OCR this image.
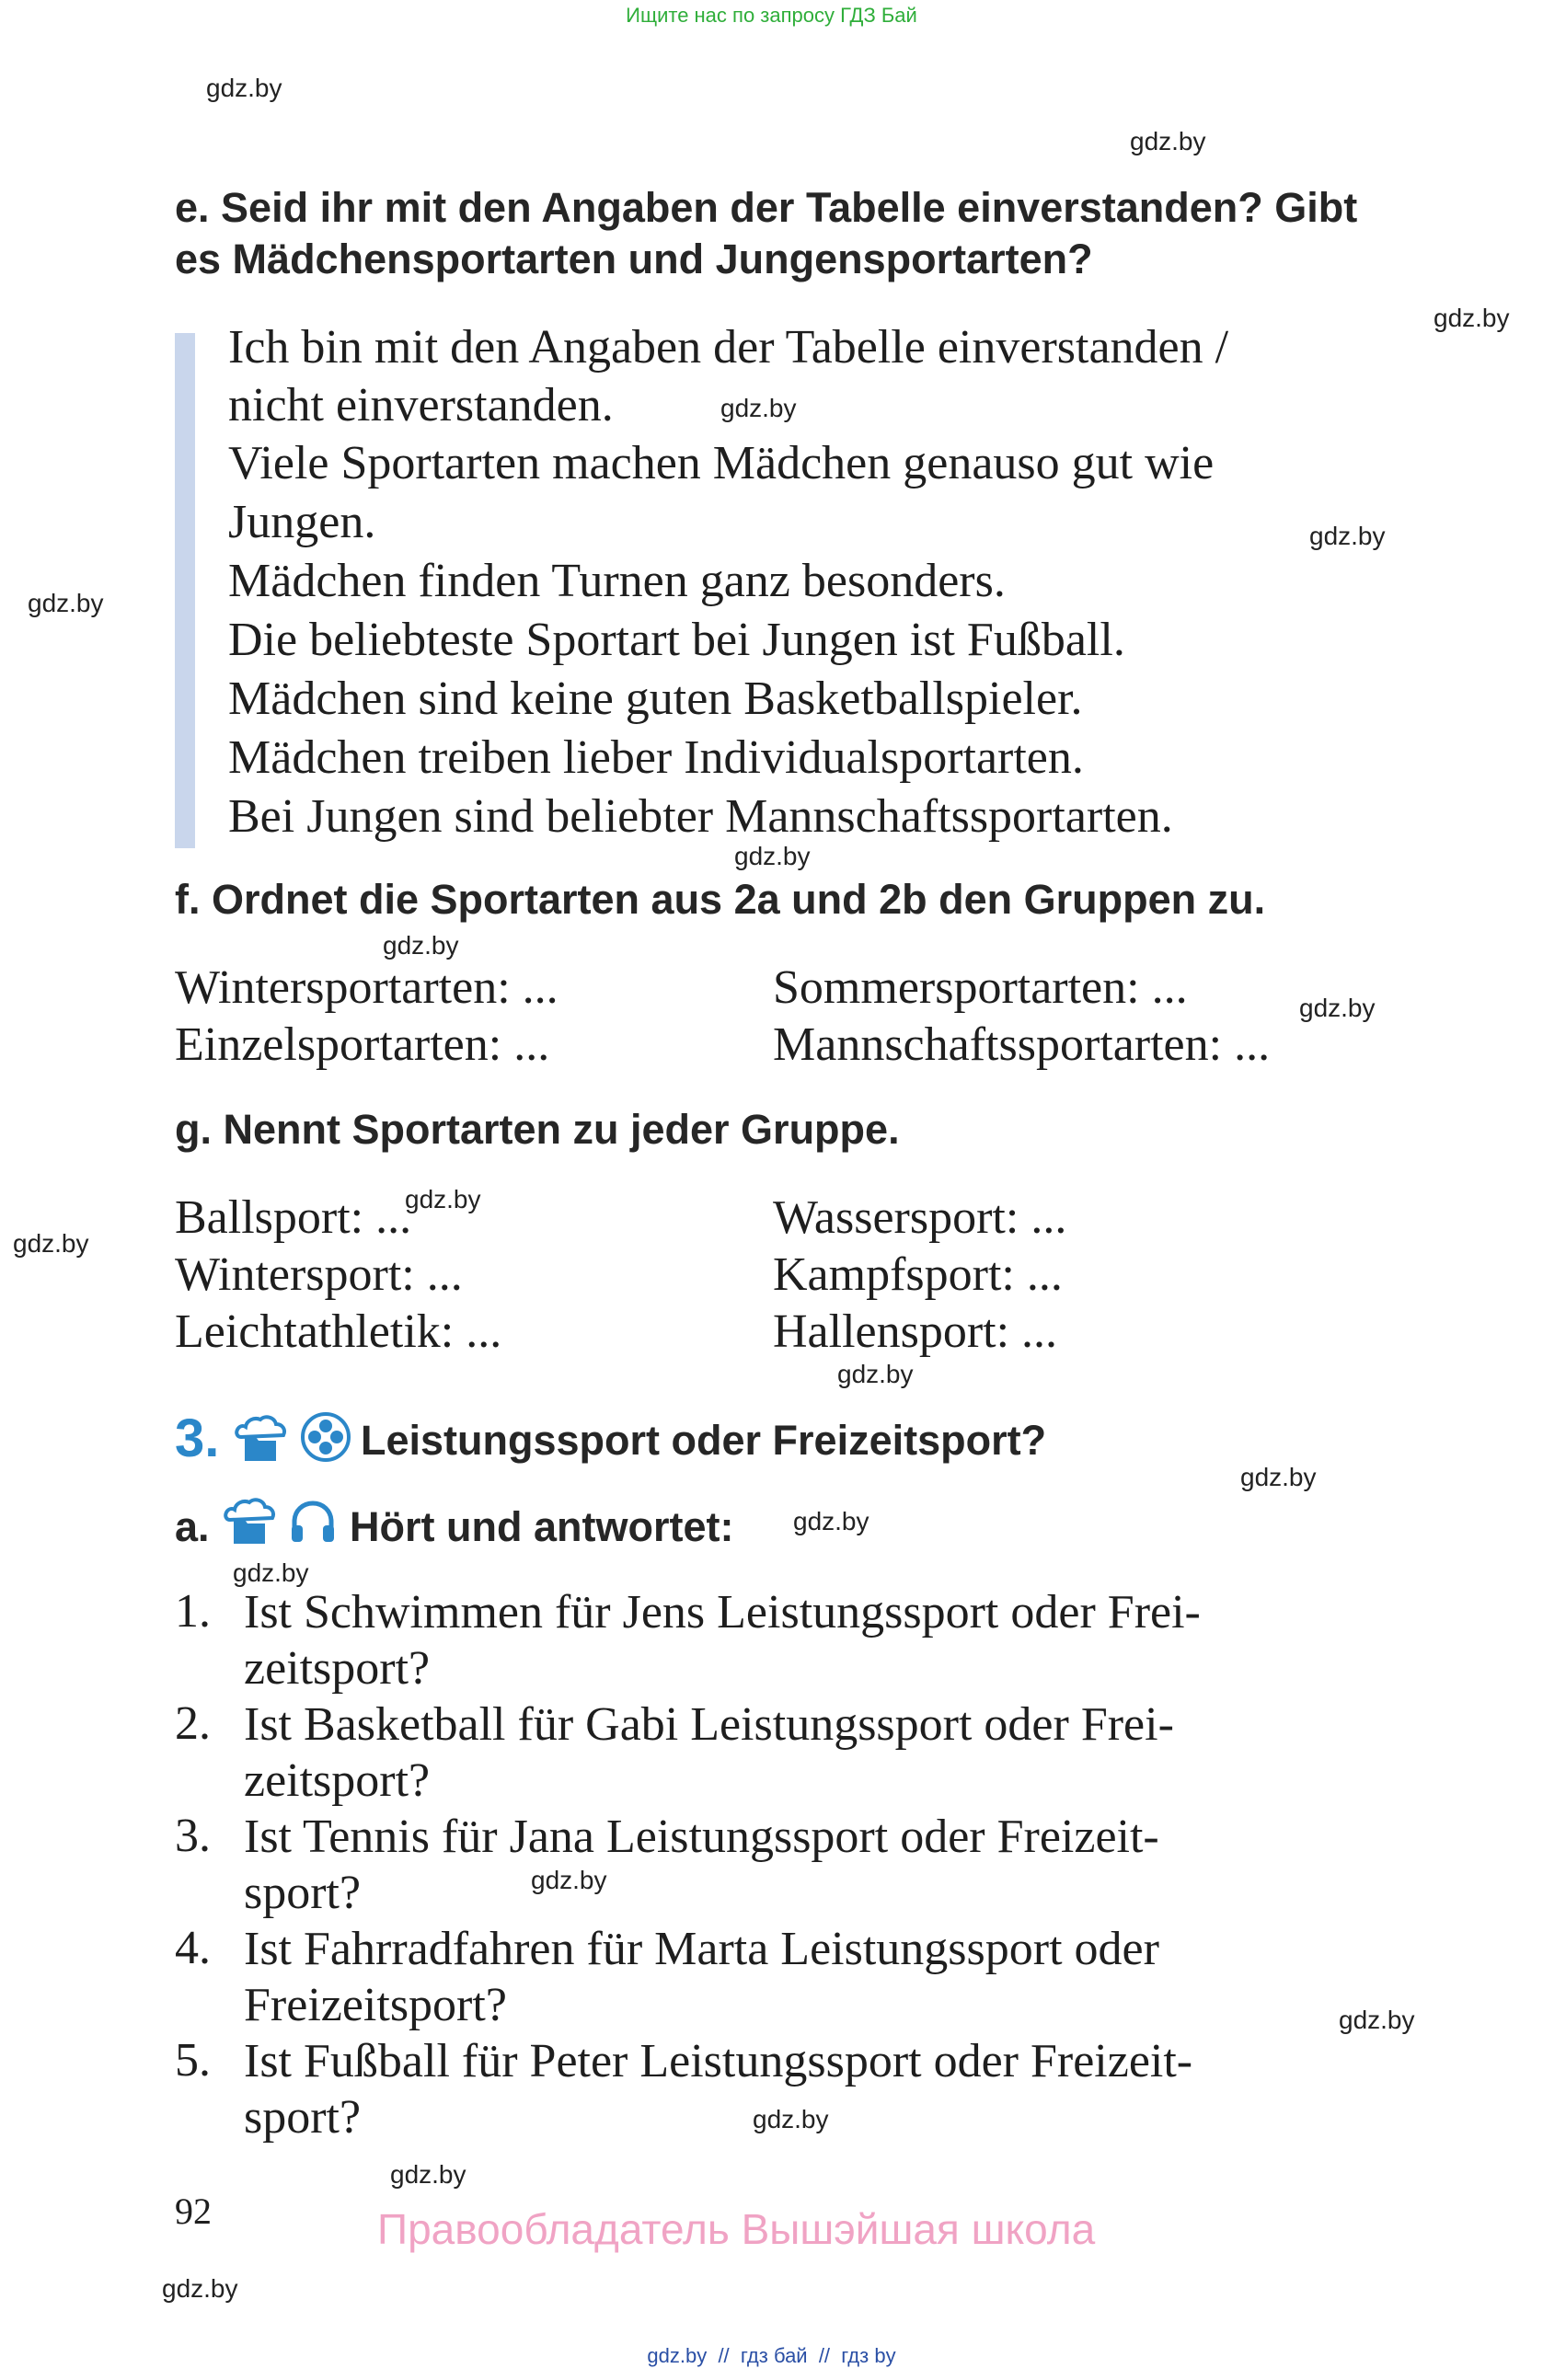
Ищите нас по запросу ГДЗ Бай
gdz.by
gdz.by
gdz.by
gdz.by
gdz.by
gdz.by
gdz.by
gdz.by
gdz.by
gdz.by
gdz.by
gdz.by
gdz.by
gdz.by
gdz.by
gdz.by
gdz.by
gdz.by
gdz.by
gdz.by
e. Seid ihr mit den Angaben der Tabelle einverstanden? Gibt
es Mädchensportarten und Jungensportarten?
Ich bin mit den Angaben der Tabelle einverstanden /
nicht einverstanden.
Viele Sportarten machen Mädchen genauso gut wie
Jungen.
Mädchen finden Turnen ganz besonders.
Die beliebteste Sportart bei Jungen ist Fußball.
Mädchen sind keine guten Basketballspieler.
Mädchen treiben lieber Individualsportarten.
Bei Jungen sind beliebter Mannschaftssportarten.
f. Ordnet die Sportarten aus 2a und 2b den Gruppen zu.
Wintersportarten: ...	Sommersportarten: ...
Einzelsportarten: ...	Mannschaftssportarten: ...
g. Nennt Sportarten zu jeder Gruppe.
Ballsport: ...	Wassersport: ...
Wintersport: ...	Kampfsport: ...
Leichtathletik: ...	Hallensport: ...
3.	Leistungssport oder Freizeitsport?
a.	Hört und antwortet:
1. Ist Schwimmen für Jens Leistungssport oder Frei-
zeitsport?
2. Ist Basketball für Gabi Leistungssport oder Frei-
zeitsport?
3. Ist Tennis für Jana Leistungssport oder Freizeit-
sport?
4. Ist Fahrradfahren für Marta Leistungssport oder
Freizeitsport?
5. Ist Fußball für Peter Leistungssport oder Freizeit-
sport?
92	Правообладатель Вышэйшая школа
gdz.by  //  гдз бай  //  гдз by
